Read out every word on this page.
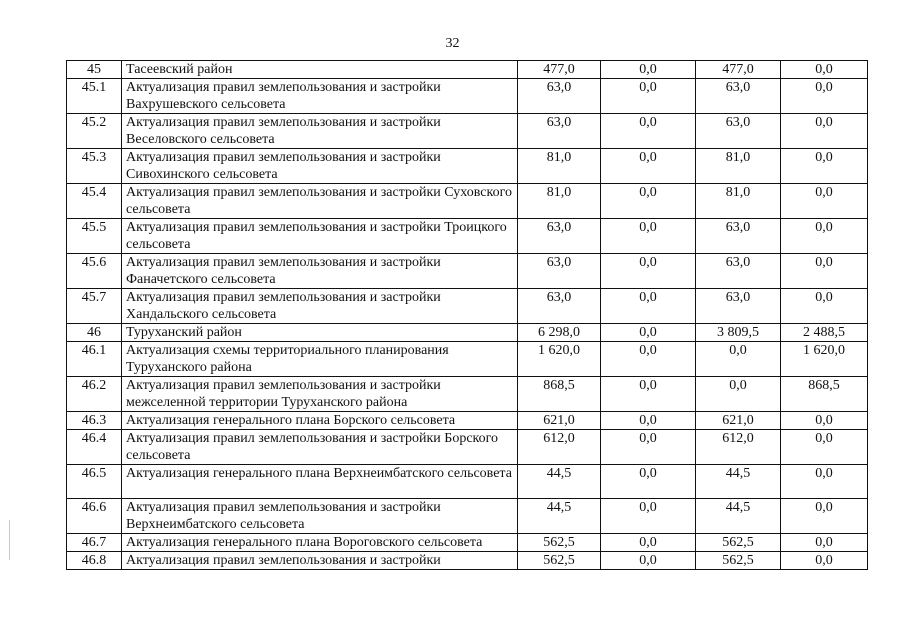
32
45	Тасеевский район	477,0	0,0	477,0	0,0
45.1	Актуализация правил землепользования и застройки Вахрушевского сельсовета	63,0	0,0	63,0	0,0
45.2	Актуализация правил землепользования и застройки Веселовского сельсовета	63,0	0,0	63,0	0,0
45.3	Актуализация правил землепользования и застройки Сивохинского сельсовета	81,0	0,0	81,0	0,0
45.4	Актуализация правил землепользования и застройки Суховского сельсовета	81,0	0,0	81,0	0,0
45.5	Актуализация правил землепользования и застройки Троицкого сельсовета	63,0	0,0	63,0	0,0
45.6	Актуализация правил землепользования и застройки Фаначетского сельсовета	63,0	0,0	63,0	0,0
45.7	Актуализация правил землепользования и застройки Хандальского сельсовета	63,0	0,0	63,0	0,0
46	Туруханский район	6 298,0	0,0	3 809,5	2 488,5
46.1	Актуализация схемы территориального планирования Туруханского района	1 620,0	0,0	0,0	1 620,0
46.2	Актуализация правил землепользования и застройки межселенной территории Туруханского района	868,5	0,0	0,0	868,5
46.3	Актуализация генерального плана Борского сельсовета	621,0	0,0	621,0	0,0
46.4	Актуализация правил землепользования и застройки Борского сельсовета	612,0	0,0	612,0	0,0
46.5	Актуализация генерального плана Верхнеимбатского сельсовета	44,5	0,0	44,5	0,0
46.6	Актуализация правил землепользования и застройки Верхнеимбатского сельсовета	44,5	0,0	44,5	0,0
46.7	Актуализация генерального плана Вороговского сельсовета	562,5	0,0	562,5	0,0
46.8	Актуализация правил землепользования и застройки	562,5	0,0	562,5	0,0
